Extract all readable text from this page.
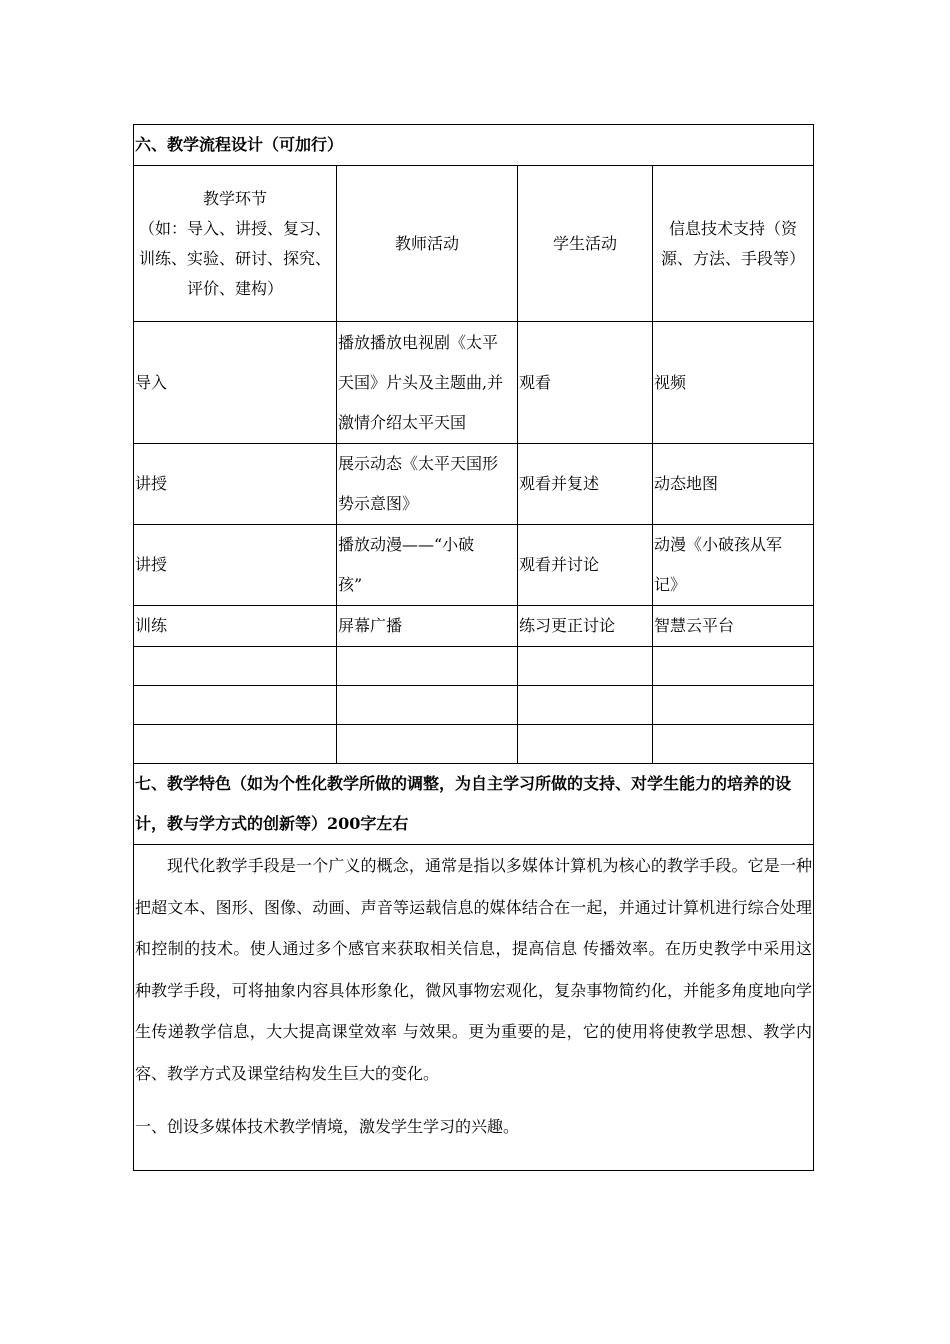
六、教学流程设计（可加行）			

教学环节
（如：导入、讲授、复习、
训练、实验、研讨、探究、
评价、建构）	教师活动	学生活动	信息技术支持（资
源、方法、手段等）

导入	播放播放电视剧《太平
天国》片头及主题曲,并
激情介绍太平天国	观看	视频
讲授	展示动态《太平天国形
势示意图》	观看并复述	动态地图
讲授	播放动漫——“小破
孩”	观看并讨论	动漫《小破孩从军
记》

训练	屏幕广播	练习更正讨论	智慧云平台

七、教学特色（如为个性化教学所做的调整，为自主学习所做的支持、对学生能力的培养的设计，教与学方式的创新等）200字左右			

现代化教学手段是一个广义的概念，通常是指以多媒体计算机为核心的教学手段。它是一种把超文本、图形、图像、动画、声音等运载信息的媒体结合在一起，并通过计算机进行综合处理和控制的技术。使人通过多个感官来获取相关信息，提高信息 传播效率。在历史教学中采用这种教学手段，可将抽象内容具体形象化，微风事物宏观化，复杂事物简约化，并能多角度地向学生传递教学信息，大大提高课堂效率 与效果。更为重要的是，它的使用将使教学思想、教学内容、教学方式及课堂结构发生巨大的变化。

一、创设多媒体技术教学情境，激发学生学习的兴趣。			
